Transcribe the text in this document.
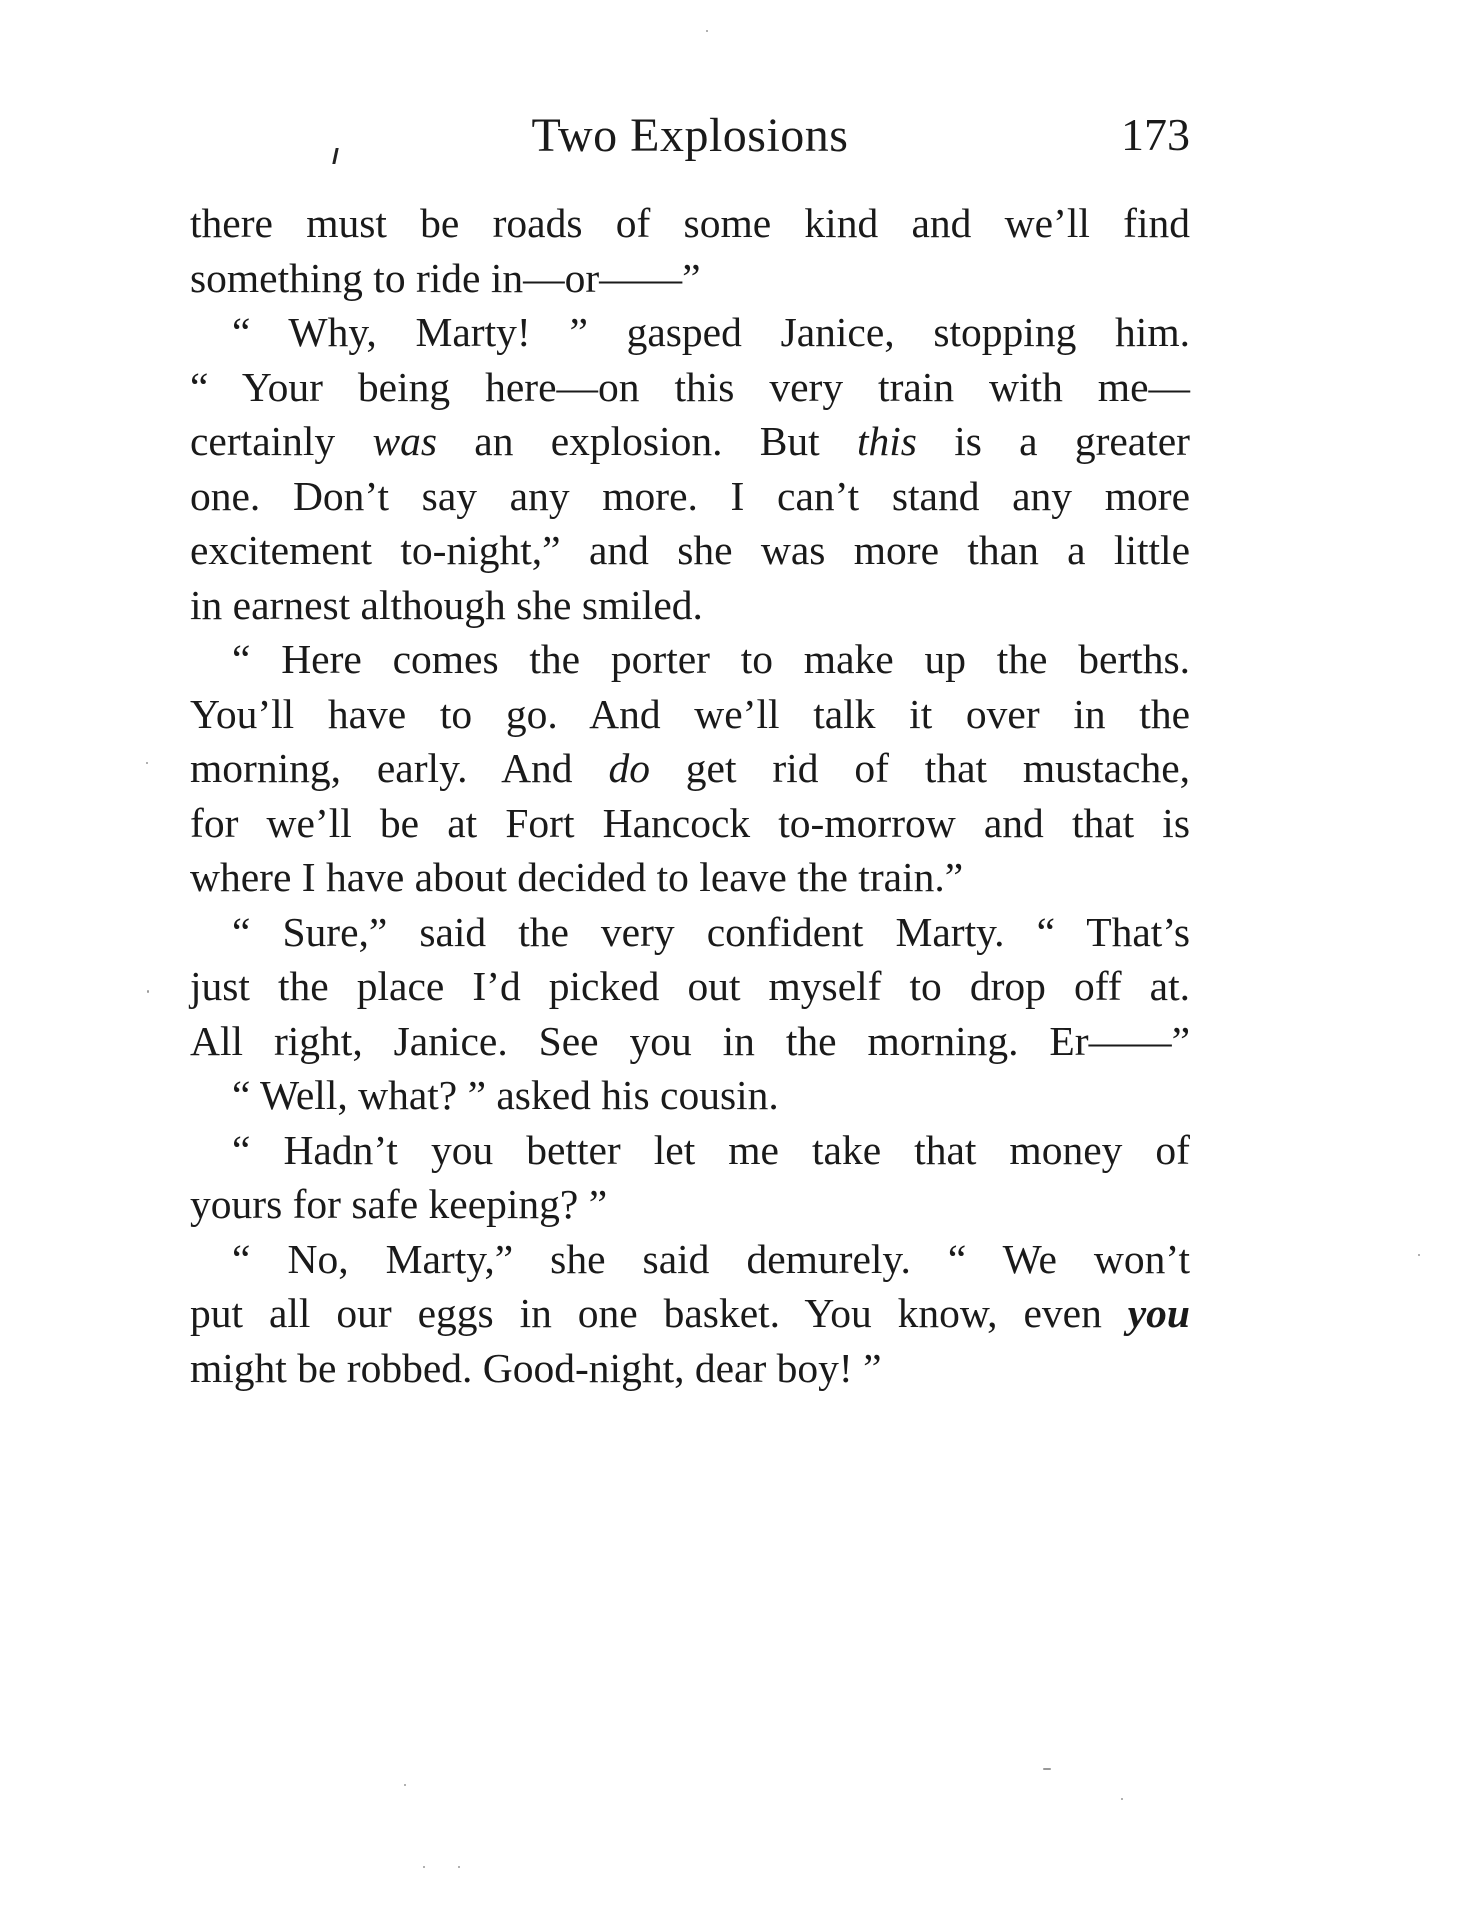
Two Explosions	173
there must be roads of some kind and we’ll find
something to ride in—or——”
“ Why, Marty! ” gasped Janice, stopping him.
“ Your being here—on this very train with me—
certainly was an explosion. But this is a greater
one. Don’t say any more. I can’t stand any more
excitement to-night,” and she was more than a little
in earnest although she smiled.
“ Here comes the porter to make up the berths.
You’ll have to go. And we’ll talk it over in the
morning, early. And do get rid of that mustache,
for we’ll be at Fort Hancock to-morrow and that is
where I have about decided to leave the train.”
“ Sure,” said the very confident Marty. “ That’s
just the place I’d picked out myself to drop off at.
All right, Janice. See you in the morning. Er——”
“ Well, what? ” asked his cousin.
“ Hadn’t you better let me take that money of
yours for safe keeping? ”
“ No, Marty,” she said demurely. “ We won’t
put all our eggs in one basket. You know, even you
might be robbed. Good-night, dear boy! ”
